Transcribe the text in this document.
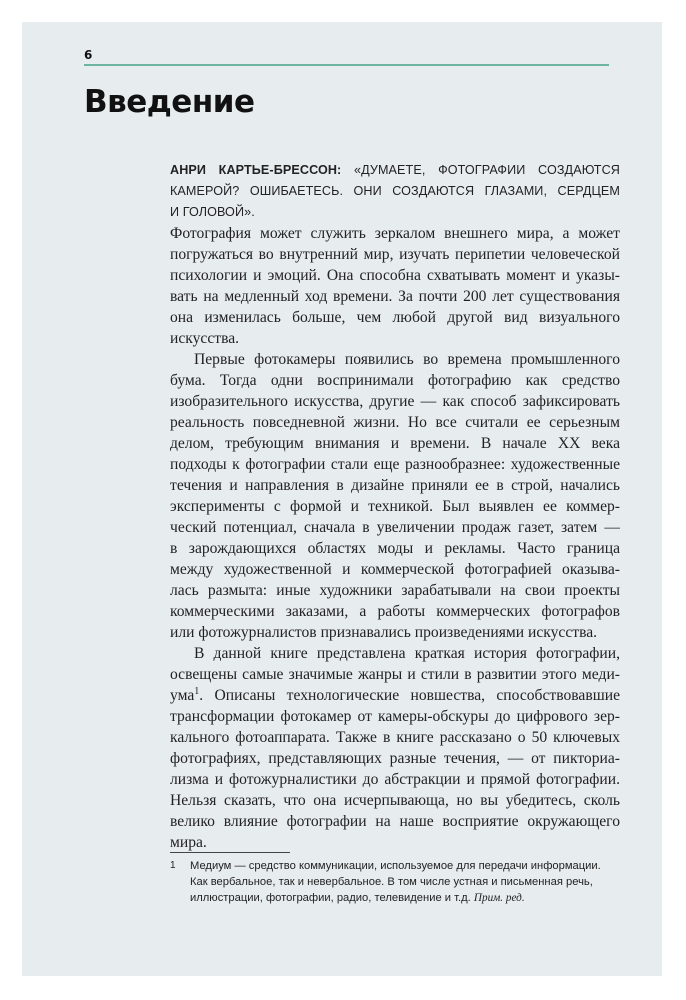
6
Введение
АНРИ КАРТЬЕ-БРЕССОН: «ДУМАЕТЕ, ФОТОГРАФИИ СОЗДАЮТСЯ
КАМЕРОЙ? ОШИБАЕТЕСЬ. ОНИ СОЗДАЮТСЯ ГЛАЗАМИ, СЕРДЦЕМ
И ГОЛОВОЙ».
Фотография может служить зеркалом внешнего мира, а может
погружаться во внутренний мир, изучать перипетии человеческой
психологии и эмоций. Она способна схватывать момент и указы-
вать на медленный ход времени. За почти 200 лет существования
она изменилась больше, чем любой другой вид визуального
искусства.
Первые фотокамеры появились во времена промышленного
бума. Тогда одни воспринимали фотографию как средство
изобразительного искусства, другие — как способ зафиксировать
реальность повседневной жизни. Но все считали ее серьезным
делом, требующим внимания и времени. В начале XX века
подходы к фотографии стали еще разнообразнее: художественные
течения и направления в дизайне приняли ее в строй, начались
эксперименты с формой и техникой. Был выявлен ее коммер-
ческий потенциал, сначала в увеличении продаж газет, затем —
в зарождающихся областях моды и рекламы. Часто граница
между художественной и коммерческой фотографией оказыва-
лась размыта: иные художники зарабатывали на свои проекты
коммерческими заказами, а работы коммерческих фотографов
или фотожурналистов признавались произведениями искусства.
В данной книге представлена краткая история фотографии,
освещены самые значимые жанры и стили в развитии этого меди-
ума$^1$. Описаны технологические новшества, способствовавшие
трансформации фотокамер от камеры-обскуры до цифрового зер-
кального фотоаппарата. Также в книге рассказано о 50 ключевых
фотографиях, представляющих разные течения, — от пикториа-
лизма и фотожурналистики до абстракции и прямой фотографии.
Нельзя сказать, что она исчерпывающа, но вы убедитесь, сколь
велико влияние фотографии на наше восприятие окружающего
мира.
1 Медиум — средство коммуникации, используемое для передачи информации.
Как вербальное, так и невербальное. В том числе устная и письменная речь,
иллюстрации, фотографии, радио, телевидение и т.д. Прим. ред.
